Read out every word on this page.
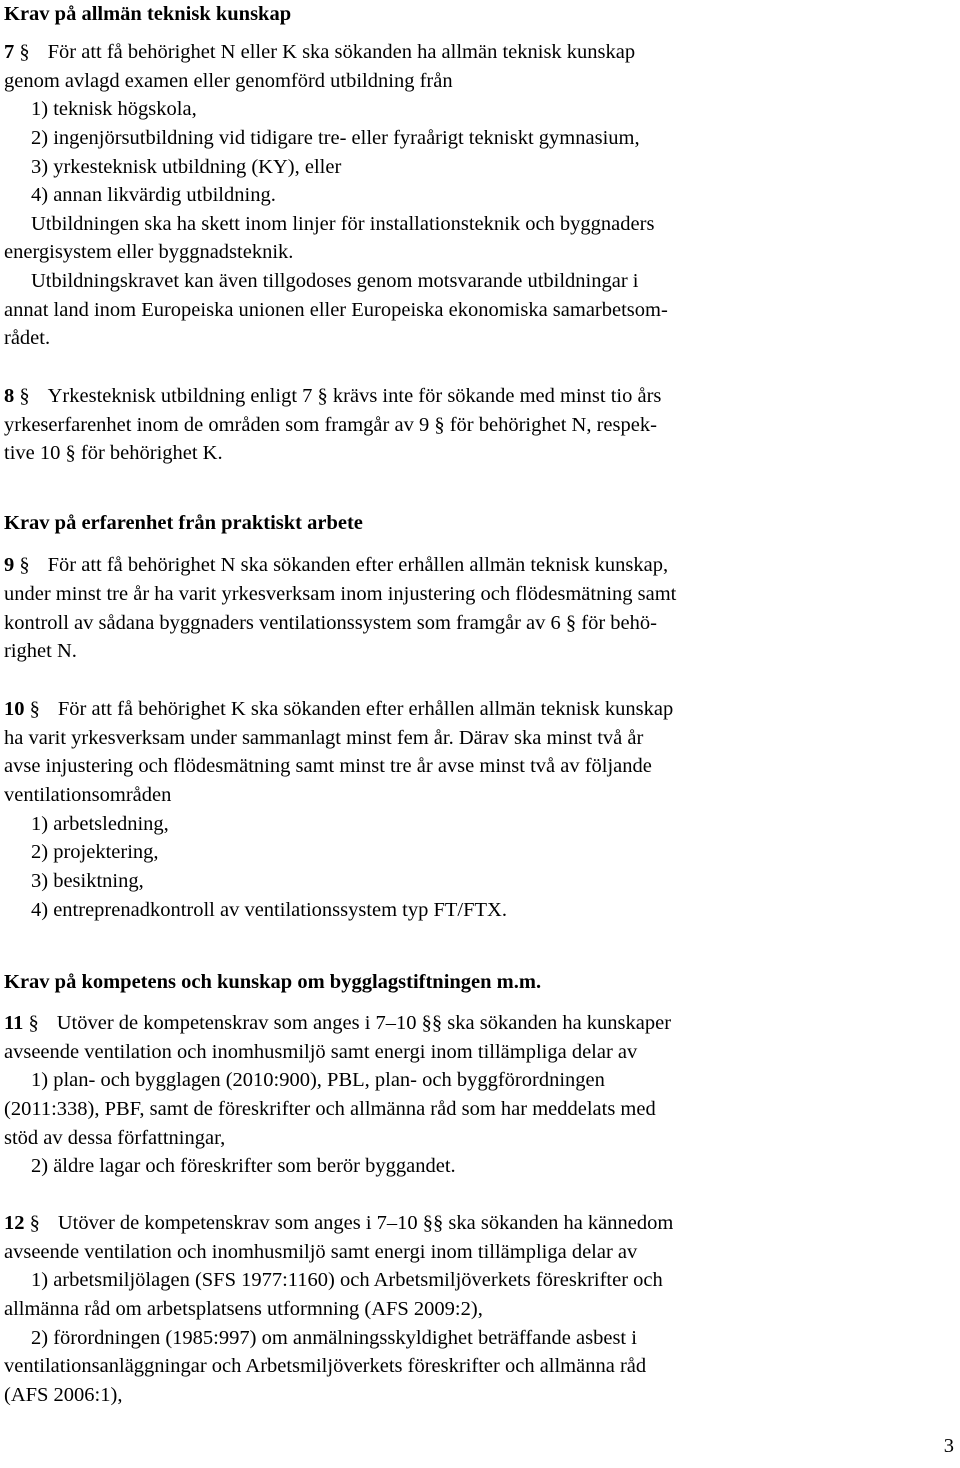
Krav på allmän teknisk kunskap
7 § För att få behörighet N eller K ska sökanden ha allmän teknisk kunskap
genom avlagd examen eller genomförd utbildning från
1) teknisk högskola,
2) ingenjörsutbildning vid tidigare tre- eller fyraårigt tekniskt gymnasium,
3) yrkesteknisk utbildning (KY), eller
4) annan likvärdig utbildning.
Utbildningen ska ha skett inom linjer för installationsteknik och byggnaders
energisystem eller byggnadsteknik.
Utbildningskravet kan även tillgodoses genom motsvarande utbildningar i
annat land inom Europeiska unionen eller Europeiska ekonomiska samarbetsom-
rådet.
8 § Yrkesteknisk utbildning enligt 7 § krävs inte för sökande med minst tio års
yrkeserfarenhet inom de områden som framgår av 9 § för behörighet N, respek-
tive 10 § för behörighet K.
Krav på erfarenhet från praktiskt arbete
9 § För att få behörighet N ska sökanden efter erhållen allmän teknisk kunskap,
under minst tre år ha varit yrkesverksam inom injustering och flödesmätning samt
kontroll av sådana byggnaders ventilationssystem som framgår av 6 § för behö-
righet N.
10 § För att få behörighet K ska sökanden efter erhållen allmän teknisk kunskap
ha varit yrkesverksam under sammanlagt minst fem år. Därav ska minst två år
avse injustering och flödesmätning samt minst tre år avse minst två av följande
ventilationsområden
1) arbetsledning,
2) projektering,
3) besiktning,
4) entreprenadkontroll av ventilationssystem typ FT/FTX.
Krav på kompetens och kunskap om bygglagstiftningen m.m.
11 § Utöver de kompetenskrav som anges i 7–10 §§ ska sökanden ha kunskaper
avseende ventilation och inomhusmiljö samt energi inom tillämpliga delar av
1) plan- och bygglagen (2010:900), PBL, plan- och byggförordningen
(2011:338), PBF, samt de föreskrifter och allmänna råd som har meddelats med
stöd av dessa författningar,
2) äldre lagar och föreskrifter som berör byggandet.
12 § Utöver de kompetenskrav som anges i 7–10 §§ ska sökanden ha kännedom
avseende ventilation och inomhusmiljö samt energi inom tillämpliga delar av
1) arbetsmiljölagen (SFS 1977:1160) och Arbetsmiljöverkets föreskrifter och
allmänna råd om arbetsplatsens utformning (AFS 2009:2),
2) förordningen (1985:997) om anmälningsskyldighet beträffande asbest i
ventilationsanläggningar och Arbetsmiljöverkets föreskrifter och allmänna råd
(AFS 2006:1),
3
